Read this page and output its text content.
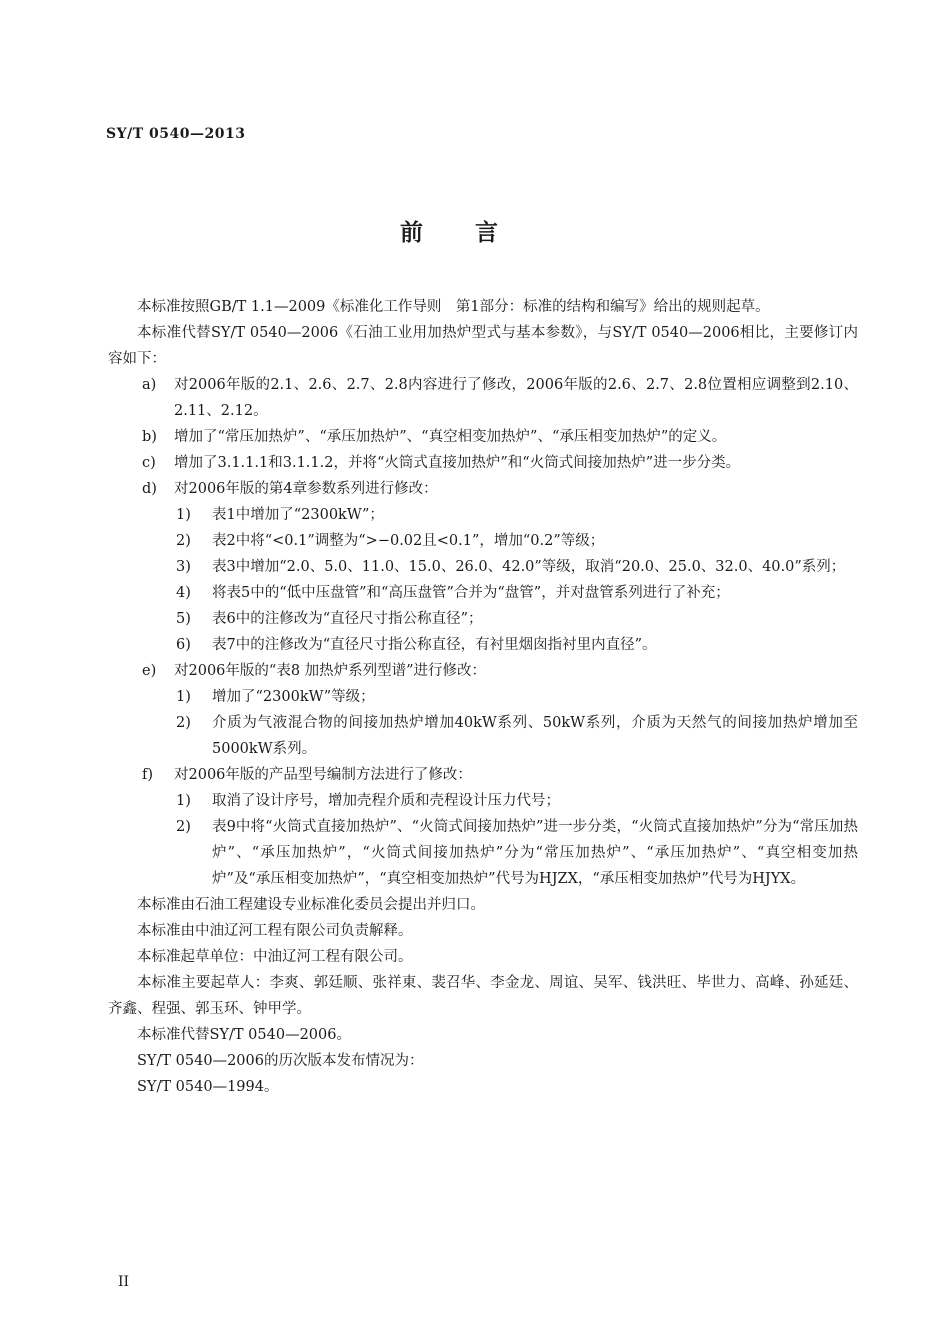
SY/T 0540—2013
前言

本标准按照GB/T 1.1—2009《标准化工作导则　第1部分：标准的结构和编写》给出的规则起草。

本标准代替SY/T 0540—2006《石油工业用加热炉型式与基本参数》，与SY/T 0540—2006相比，主要修订内容如下：

a)	对2006年版的2.1、2.6、2.7、2.8内容进行了修改，2006年版的2.6、2.7、2.8位置相应调整到2.10、2.11、2.12。
b)	增加了“常压加热炉”、“承压加热炉”、“真空相变加热炉”、“承压相变加热炉”的定义。
c)	增加了3.1.1.1和3.1.1.2，并将“火筒式直接加热炉”和“火筒式间接加热炉”进一步分类。
d)	对2006年版的第4章参数系列进行修改：
1)	表1中增加了“2300kW”；
2)	表2中将“<0.1”调整为“>−0.02且<0.1”，增加“0.2”等级；
3)	表3中增加“2.0、5.0、11.0、15.0、26.0、42.0”等级，取消“20.0、25.0、32.0、40.0”系列；
4)	将表5中的“低中压盘管”和“高压盘管”合并为“盘管”，并对盘管系列进行了补充；
5)	表6中的注修改为“直径尺寸指公称直径”；
6)	表7中的注修改为“直径尺寸指公称直径，有衬里烟囱指衬里内直径”。
e)	对2006年版的“表8 加热炉系列型谱”进行修改：
1)	增加了“2300kW”等级；
2)	介质为气液混合物的间接加热炉增加40kW系列、50kW系列，介质为天然气的间接加热炉增加至5000kW系列。
f)	对2006年版的产品型号编制方法进行了修改：
1)	取消了设计序号，增加壳程介质和壳程设计压力代号；
2)	表9中将“火筒式直接加热炉”、“火筒式间接加热炉”进一步分类，“火筒式直接加热炉”分为“常压加热炉”、“承压加热炉”，“火筒式间接加热炉”分为“常压加热炉”、“承压加热炉”、“真空相变加热炉”及“承压相变加热炉”，“真空相变加热炉”代号为HJZX，“承压相变加热炉”代号为HJYX。

本标准由石油工程建设专业标准化委员会提出并归口。

本标准由中油辽河工程有限公司负责解释。

本标准起草单位：中油辽河工程有限公司。

本标准主要起草人：李爽、郭廷顺、张祥東、裴召华、李金龙、周谊、吴军、钱洪旺、毕世力、高峰、孙延廷、齐鑫、程强、郭玉环、钟甲学。

本标准代替SY/T 0540—2006。

SY/T 0540—2006的历次版本发布情况为：

SY/T 0540—1994。

II
